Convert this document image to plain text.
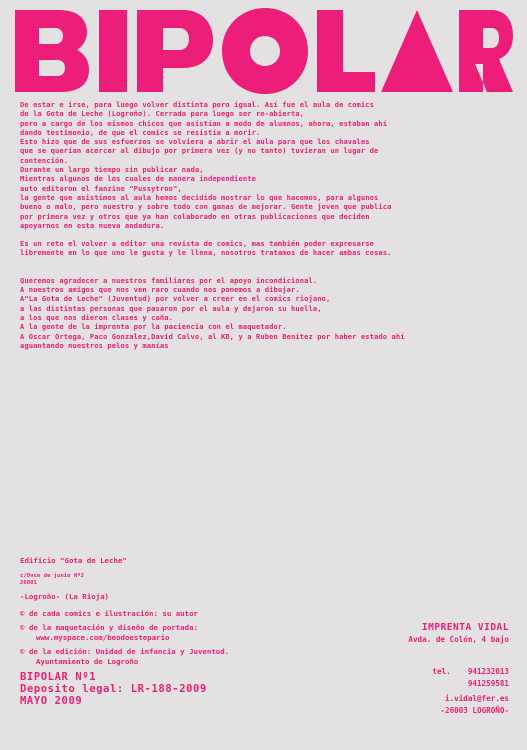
De estar e irse, para luego volver distinta pero igual. Así fue el aula de comics
de la Gota de Leche (Logroño). Cerrada para luego ser re-abierta,
pero a cargo de los mismos chicos que asistían a modo de alumnos, ahora, estaban ahí
dando testimonio, de que el comics se resistía a morir.
Esto hizo que de sus esfuerzos se volviera a abrir el aula para que los chavales
que se querían acercar al dibujo por primera vez (y no tanto) tuvieran un lugar de
contención.
Durante un largo tiempo sin publicar nada,
Mientras algunos de los cuales de manera independiente
auto editaron el fanzine "Pussytron",
la gente que asistimos al aula hemos decidido mostrar lo que hacemos, para algunos
bueno o malo, pero nuestro y sobre todo con ganas de mejorar. Gente joven que publica
por primera vez y otros que ya han colaborado en otras publicaciones que deciden
apoyarnos en esta nueva andadura.
Es un reto el volver a editar una revista de comics, mas también poder expresarse
libremente en lo que uno le gusta y le llena, nosotros tratamos de hacer ambas cosas.
Queremos agradecer a nuestros familiares por el apoyo incondicional.
A nuestros amigos que nos ven raro cuando nos ponemos a dibujar.
A"La Gota de Leche" (Juventud) por volver a creer en el comics riojano,
a las distintas personas que pasaron por el aula y dejaron su huella,
a los que nos dieron clases y caña.
A la gente de la imprenta por la paciencia con el maquetador.
A Oscar Ortega, Paco Gonzalez,David Calvo, al KB, y a Ruben Benitez por haber estado ahí
aguantando nuestros pelos y manías
Edificio "Gota de Leche"
c/Once de junio Nº2
26001
-Logroño- (La Rioja)
© de cada comics e ilustración: su autor
© de la maquetación y diseño de portada:
www.myspace.com/beodoestepario
© de la edición: Unidad de infancia y Juventud.
Ayuntamiento de Logroño
BIPOLAR Nº1
Deposito legal: LR-188-2009
MAYO 2009
IMPRENTA VIDAL
Avda. de Colón, 4 bajo
tel. 941232013
941259581
i.vidal@fer.es
-26003 LOGROÑO-
